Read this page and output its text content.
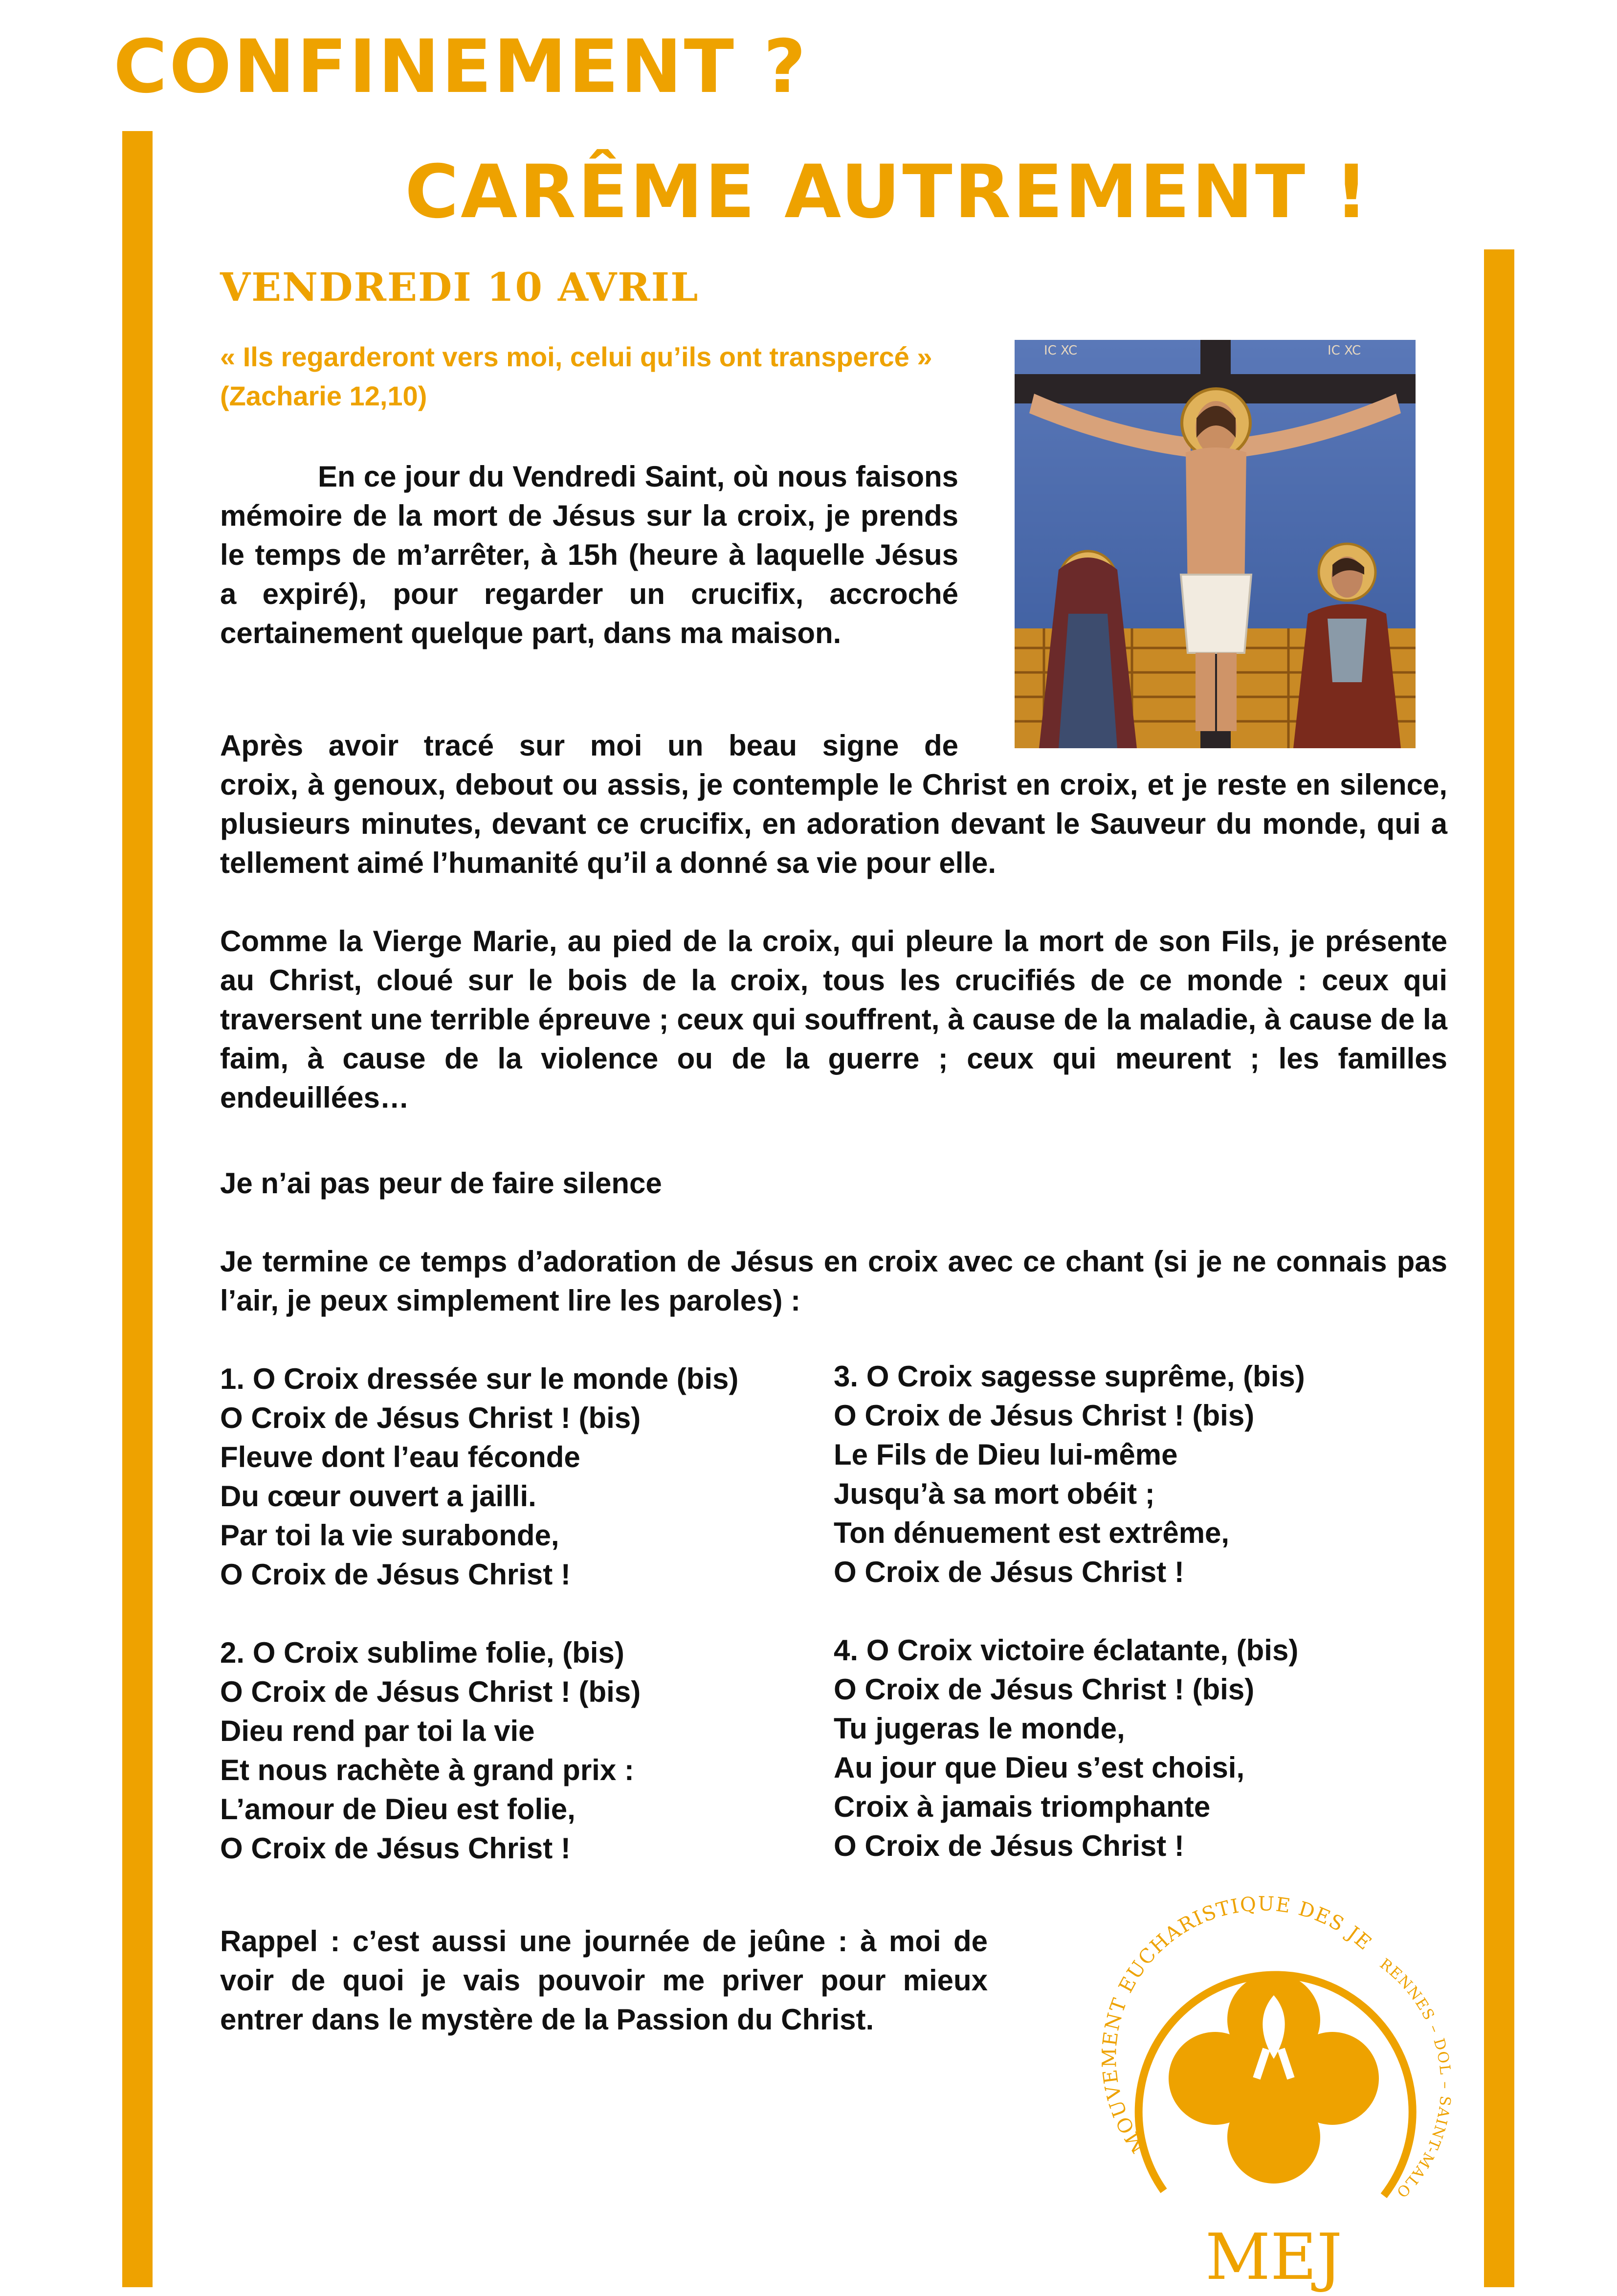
CONFINEMENT ?
CARÊME AUTREMENT !
VENDREDI 10 AVRIL

« Ils regarderont vers moi, celui qu’ils ont transpercé » (Zacharie 12,10)

En ce jour du Vendredi Saint, où nous faisons mémoire de la mort de Jésus sur la croix, je prends le temps de m’arrêter, à 15h (heure à laquelle Jésus a expiré), pour regarder un crucifix, accroché certainement quelque part, dans ma maison.

Après avoir tracé sur moi un beau signe de

croix, à genoux, debout ou assis, je contemple le Christ en croix, et je reste en silence, plusieurs minutes, devant ce crucifix, en adoration devant le Sauveur du monde, qui a tellement aimé l’humanité qu’il a donné sa vie pour elle.

Comme la Vierge Marie, au pied de la croix, qui pleure la mort de son Fils, je présente au Christ, cloué sur le bois de la croix, tous les crucifiés de ce monde : ceux qui traversent une terrible épreuve ; ceux qui souffrent, à cause de la maladie, à cause de la faim, à cause de la violence ou de la guerre ; ceux qui meurent ; les familles endeuillées…

Je n’ai pas peur de faire silence

Je termine ce temps d’adoration de Jésus en croix avec ce chant (si je ne connais pas l’air, je peux simplement lire les paroles) :

1. O Croix dressée sur le monde (bis)
O Croix de Jésus Christ ! (bis)
Fleuve dont l’eau féconde
Du cœur ouvert a jailli.
Par toi la vie surabonde,
O Croix de Jésus Christ !
2. O Croix sublime folie, (bis)
O Croix de Jésus Christ ! (bis)
Dieu rend par toi la vie
Et nous rachète à grand prix :
L’amour de Dieu est folie,
O Croix de Jésus Christ !
3. O Croix sagesse suprême, (bis)
O Croix de Jésus Christ ! (bis)
Le Fils de Dieu lui-même
Jusqu’à sa mort obéit ;
Ton dénuement est extrême,
O Croix de Jésus Christ !
4. O Croix victoire éclatante, (bis)
O Croix de Jésus Christ ! (bis)
Tu jugeras le monde,
Au jour que Dieu s’est choisi,
Croix à jamais triomphante
O Croix de Jésus Christ !

Rappel : c’est aussi une journée de jeûne : à moi de voir de quoi je vais pouvoir me priver pour mieux entrer dans le mystère de la Passion du Christ.

IC XC	IC XC
MOUVEMENT EUCHARISTIQUE DES JE
RENNES – DOL – SAINT-MALO
MEJ
